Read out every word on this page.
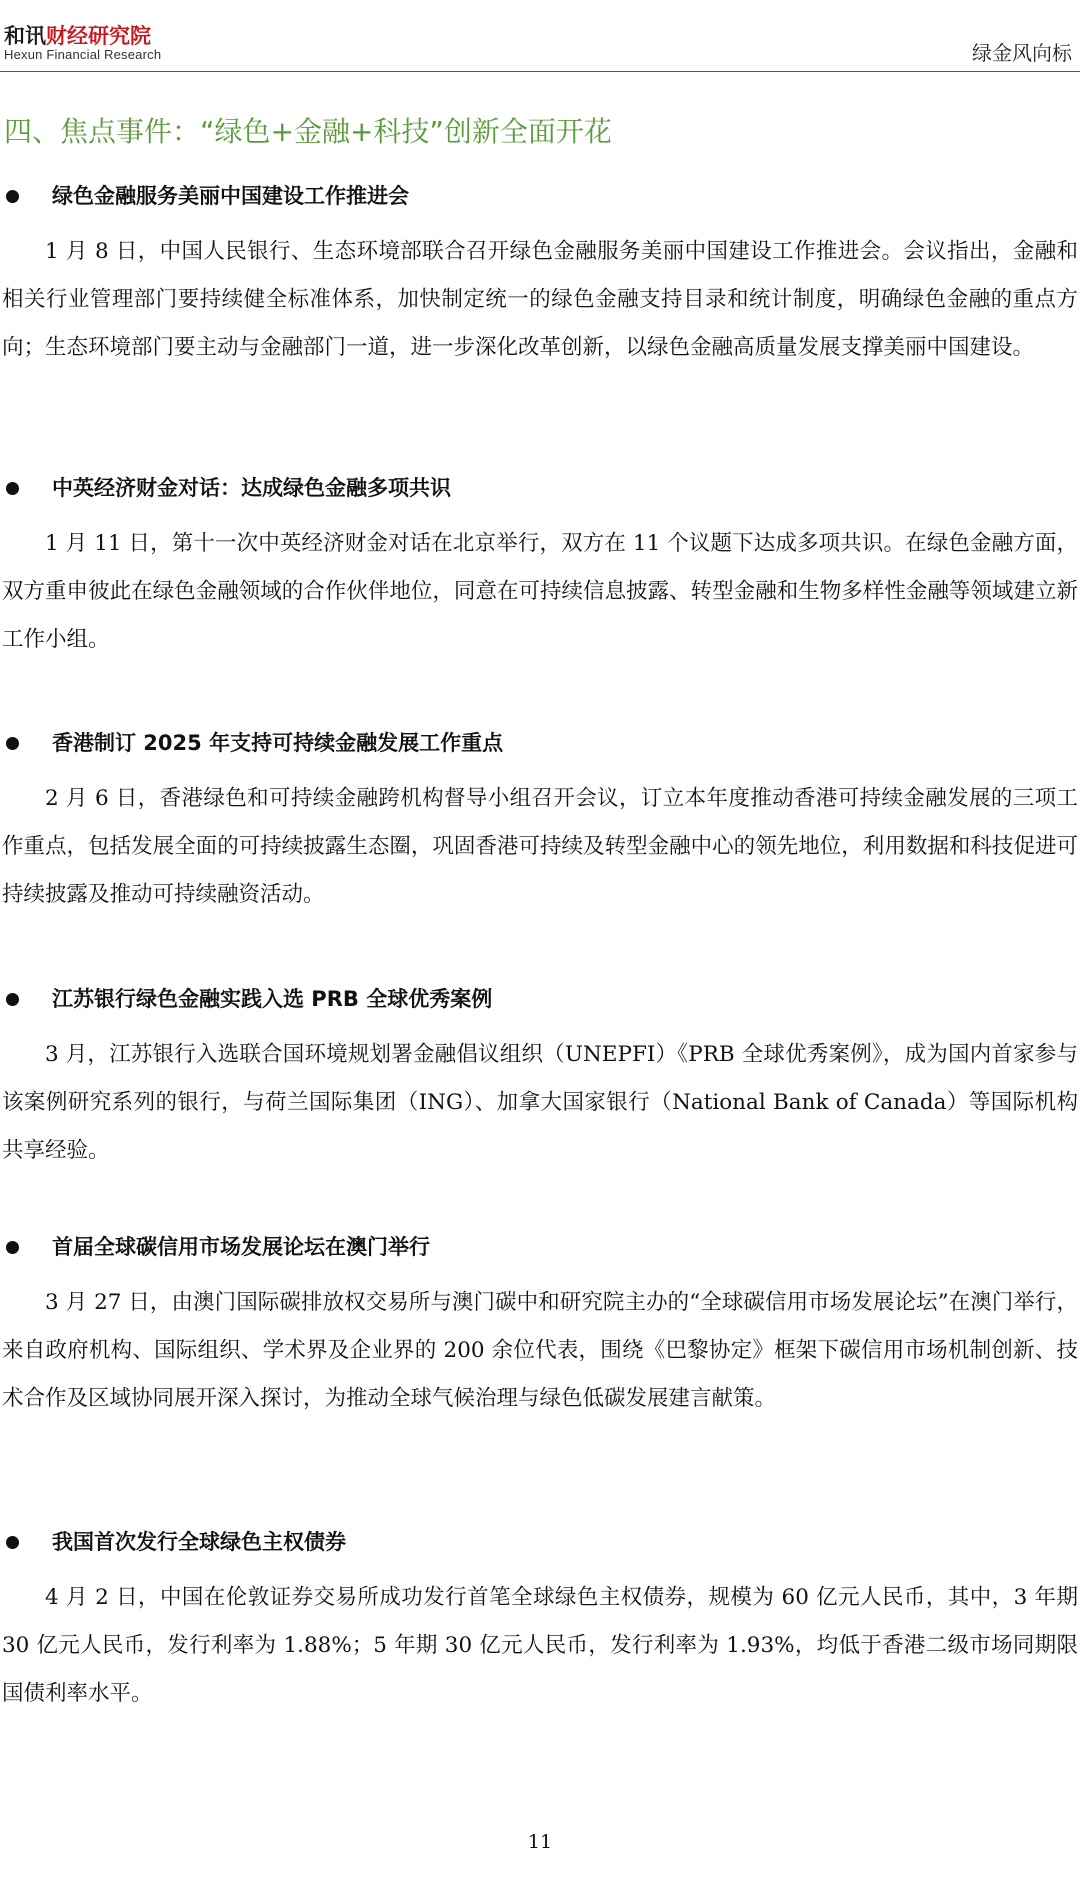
和讯财经研究院
Hexun Financial Research	绿金风向标
四、焦点事件：“绿色+金融+科技”创新全面开花
绿色金融服务美丽中国建设工作推进会

1 月 8 日，中国人民银行、生态环境部联合召开绿色金融服务美丽中国建设工作推进会。会议指出，金融和相关行业管理部门要持续健全标准体系，加快制定统一的绿色金融支持目录和统计制度，明确绿色金融的重点方向；生态环境部门要主动与金融部门一道，进一步深化改革创新，以绿色金融高质量发展支撑美丽中国建设。

中英经济财金对话：达成绿色金融多项共识

1 月 11 日，第十一次中英经济财金对话在北京举行，双方在 11 个议题下达成多项共识。在绿色金融方面，双方重申彼此在绿色金融领域的合作伙伴地位，同意在可持续信息披露、转型金融和生物多样性金融等领域建立新工作小组。

香港制订 2025 年支持可持续金融发展工作重点

2 月 6 日，香港绿色和可持续金融跨机构督导小组召开会议，订立本年度推动香港可持续金融发展的三项工作重点，包括发展全面的可持续披露生态圈，巩固香港可持续及转型金融中心的领先地位，利用数据和科技促进可持续披露及推动可持续融资活动。

江苏银行绿色金融实践入选 PRB 全球优秀案例

3 月，江苏银行入选联合国环境规划署金融倡议组织（UNEPFI）《PRB 全球优秀案例》，成为国内首家参与该案例研究系列的银行，与荷兰国际集团（ING）、加拿大国家银行（National Bank of Canada）等国际机构共享经验。

首届全球碳信用市场发展论坛在澳门举行

3 月 27 日，由澳门国际碳排放权交易所与澳门碳中和研究院主办的“全球碳信用市场发展论坛”在澳门举行，来自政府机构、国际组织、学术界及企业界的 200 余位代表，围绕《巴黎协定》框架下碳信用市场机制创新、技术合作及区域协同展开深入探讨，为推动全球气候治理与绿色低碳发展建言献策。

我国首次发行全球绿色主权债券

4 月 2 日，中国在伦敦证券交易所成功发行首笔全球绿色主权债券，规模为 60 亿元人民币，其中，3 年期 30 亿元人民币，发行利率为 1.88%；5 年期 30 亿元人民币，发行利率为 1.93%，均低于香港二级市场同期限国债利率水平。

11
